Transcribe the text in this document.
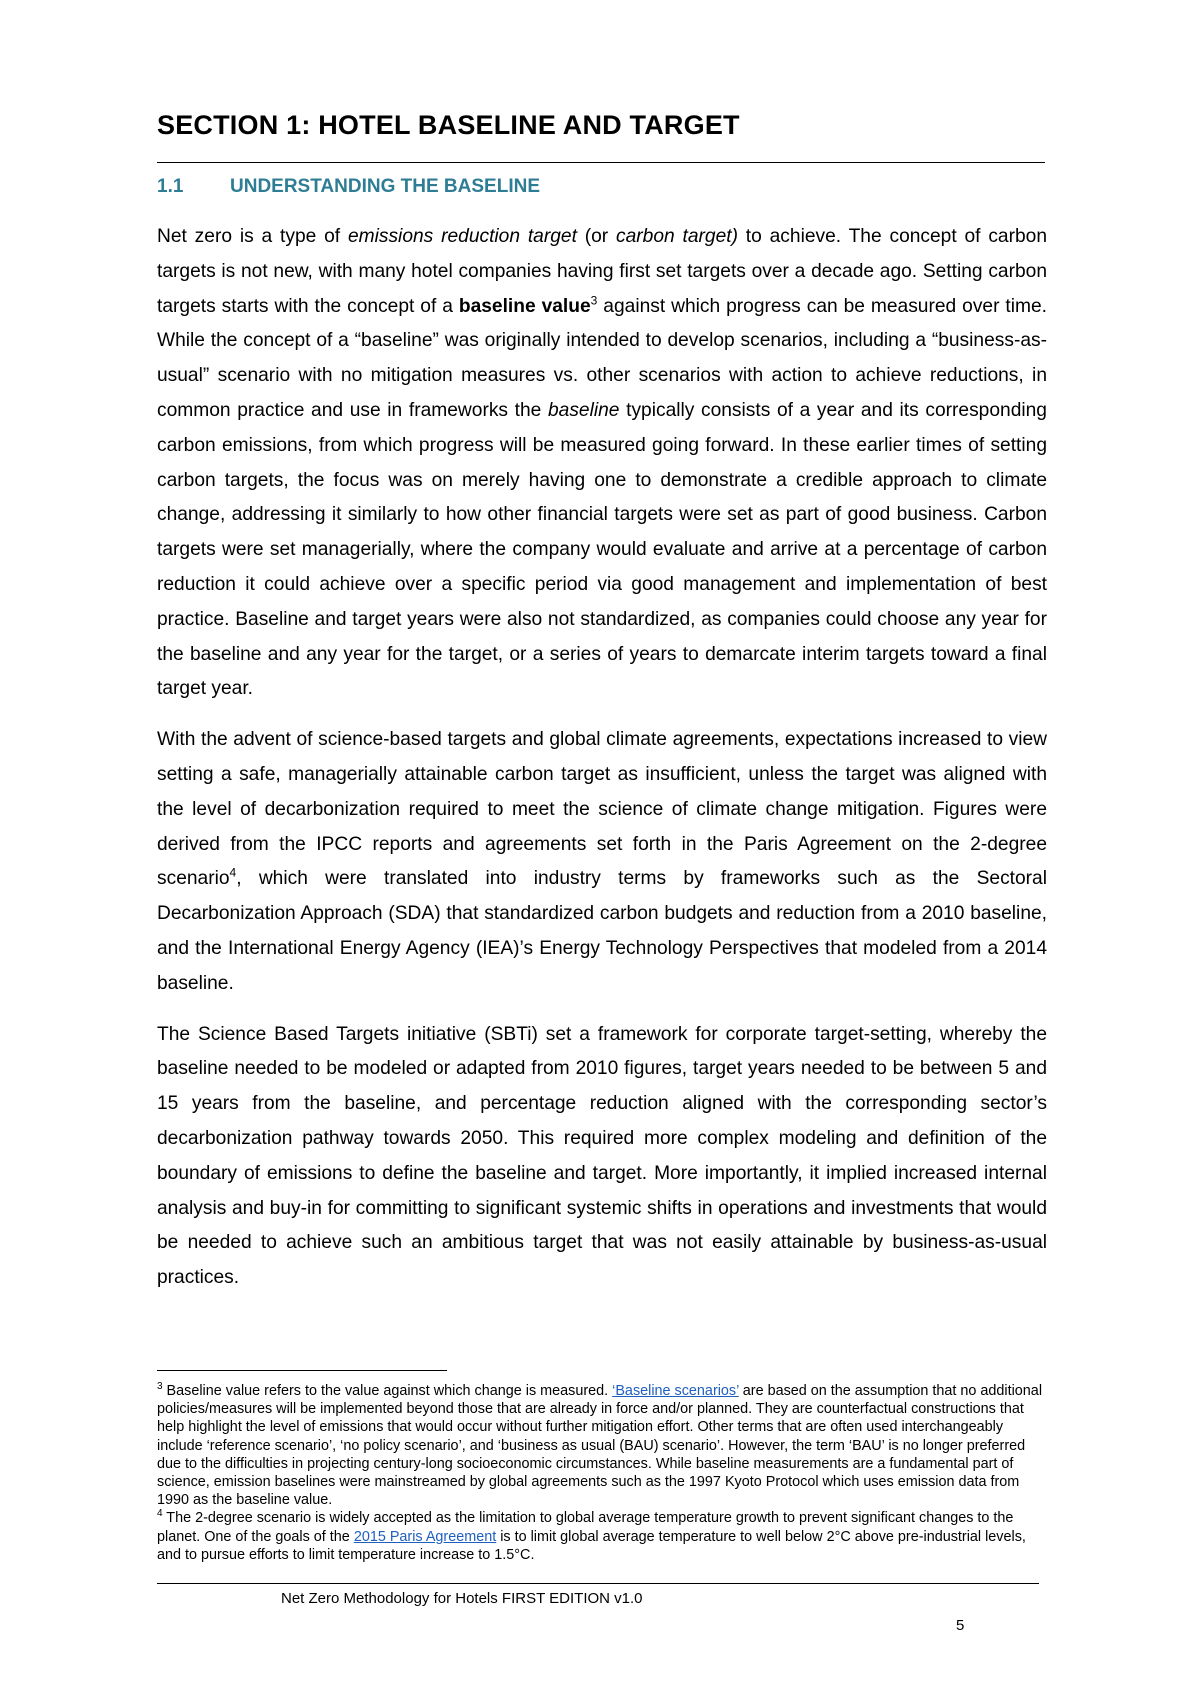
SECTION 1: HOTEL BASELINE AND TARGET
1.1 UNDERSTANDING THE BASELINE

Net zero is a type of emissions reduction target (or carbon target) to achieve. The concept of carbon targets is not new, with many hotel companies having first set targets over a decade ago. Setting carbon targets starts with the concept of a baseline value$^3$ against which progress can be measured over time. While the concept of a “baseline” was originally intended to develop scenarios, including a “business-as-usual” scenario with no mitigation measures vs. other scenarios with action to achieve reductions, in common practice and use in frameworks the baseline typically consists of a year and its corresponding carbon emissions, from which progress will be measured going forward. In these earlier times of setting carbon targets, the focus was on merely having one to demonstrate a credible approach to climate change, addressing it similarly to how other financial targets were set as part of good business. Carbon targets were set managerially, where the company would evaluate and arrive at a percentage of carbon reduction it could achieve over a specific period via good management and implementation of best practice. Baseline and target years were also not standardized, as companies could choose any year for the baseline and any year for the target, or a series of years to demarcate interim targets toward a final target year.

With the advent of science-based targets and global climate agreements, expectations increased to view setting a safe, managerially attainable carbon target as insufficient, unless the target was aligned with the level of decarbonization required to meet the science of climate change mitigation. Figures were derived from the IPCC reports and agreements set forth in the Paris Agreement on the 2-degree scenario$^4$, which were translated into industry terms by frameworks such as the Sectoral Decarbonization Approach (SDA) that standardized carbon budgets and reduction from a 2010 baseline, and the International Energy Agency (IEA)’s Energy Technology Perspectives that modeled from a 2014 baseline.

The Science Based Targets initiative (SBTi) set a framework for corporate target-setting, whereby the baseline needed to be modeled or adapted from 2010 figures, target years needed to be between 5 and 15 years from the baseline, and percentage reduction aligned with the corresponding sector’s decarbonization pathway towards 2050. This required more complex modeling and definition of the boundary of emissions to define the baseline and target. More importantly, it implied increased internal analysis and buy-in for committing to significant systemic shifts in operations and investments that would be needed to achieve such an ambitious target that was not easily attainable by business-as-usual practices.

$^3$ Baseline value refers to the value against which change is measured. ‘Baseline scenarios’ are based on the assumption that no additional policies/measures will be implemented beyond those that are already in force and/or planned. They are counterfactual constructions that help highlight the level of emissions that would occur without further mitigation effort. Other terms that are often used interchangeably include ‘reference scenario’, ‘no policy scenario’, and ‘business as usual (BAU) scenario’. However, the term ‘BAU’ is no longer preferred due to the difficulties in projecting century-long socioeconomic circumstances. While baseline measurements are a fundamental part of science, emission baselines were mainstreamed by global agreements such as the 1997 Kyoto Protocol which uses emission data from 1990 as the baseline value.

$^4$ The 2-degree scenario is widely accepted as the limitation to global average temperature growth to prevent significant changes to the planet. One of the goals of the 2015 Paris Agreement is to limit global average temperature to well below 2°C above pre-industrial levels, and to pursue efforts to limit temperature increase to 1.5°C.

Net Zero Methodology for Hotels FIRST EDITION v1.0
5
